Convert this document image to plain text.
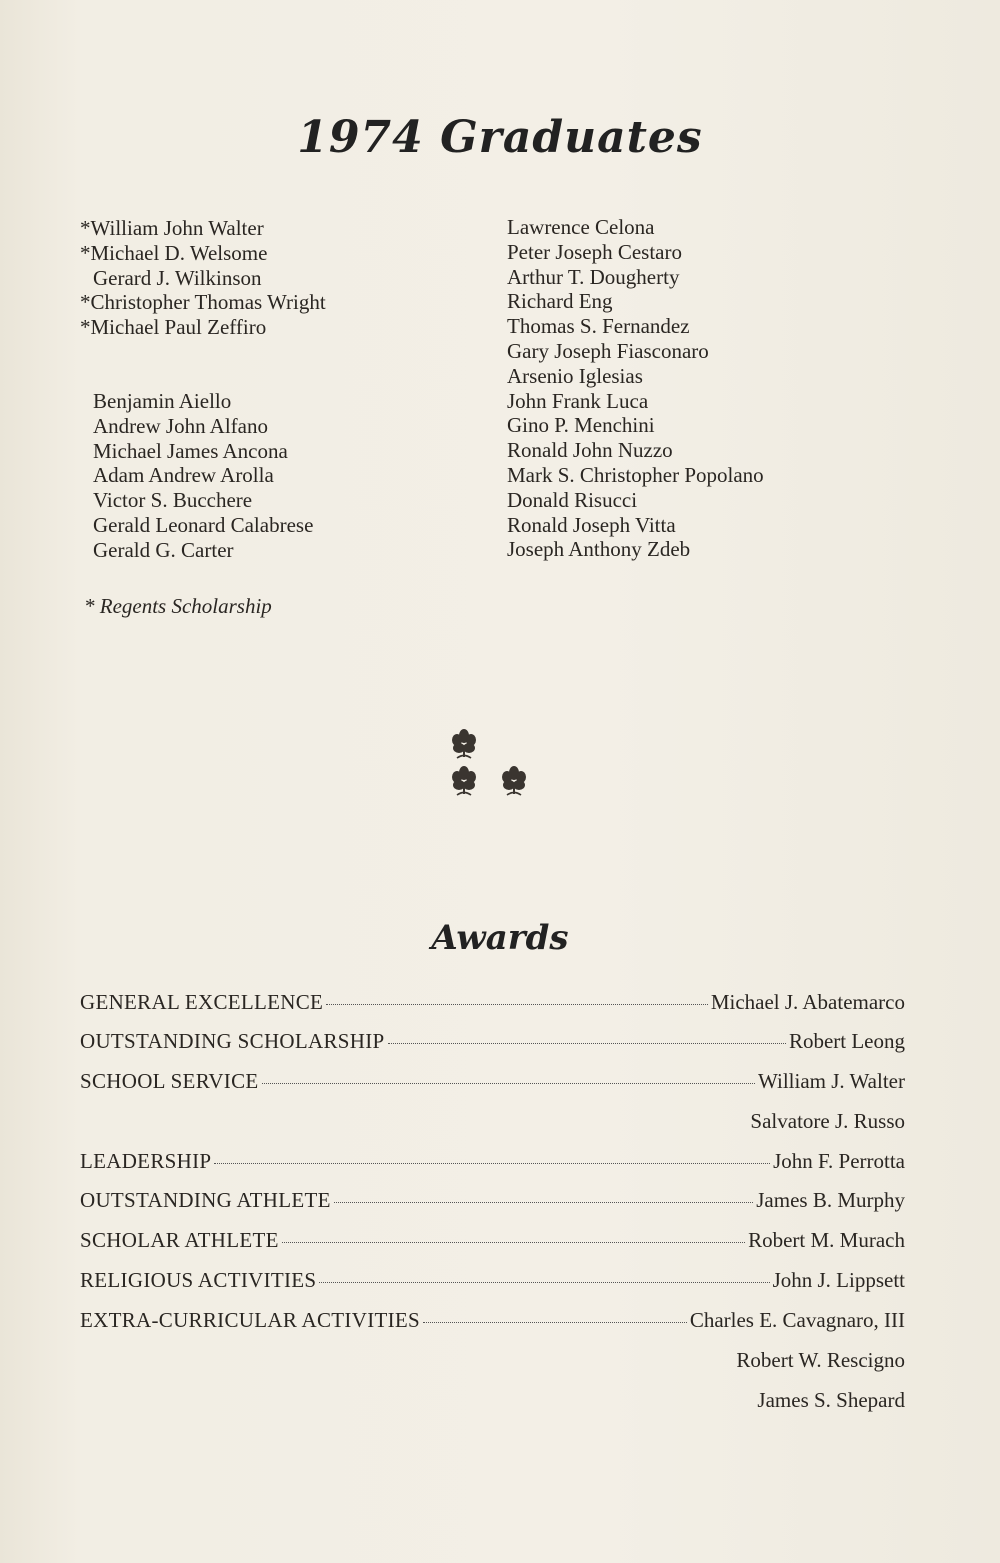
1974 Graduates
*William John Walter
*Michael D. Welsome
Gerard J. Wilkinson
*Christopher Thomas Wright
*Michael Paul Zeffiro
Benjamin Aiello
Andrew John Alfano
Michael James Ancona
Adam Andrew Arolla
Victor S. Bucchere
Gerald Leonard Calabrese
Gerald G. Carter
Lawrence Celona
Peter Joseph Cestaro
Arthur T. Dougherty
Richard Eng
Thomas S. Fernandez
Gary Joseph Fiasconaro
Arsenio Iglesias
John Frank Luca
Gino P. Menchini
Ronald John Nuzzo
Mark S. Christopher Popolano
Donald Risucci
Ronald Joseph Vitta
Joseph Anthony Zdeb
* Regents Scholarship
Awards
GENERAL EXCELLENCE	Michael J. Abatemarco
OUTSTANDING SCHOLARSHIP	Robert Leong
SCHOOL SERVICE	William J. Walter
Salvatore J. Russo
LEADERSHIP	John F. Perrotta
OUTSTANDING ATHLETE	James B. Murphy
SCHOLAR ATHLETE	Robert M. Murach
RELIGIOUS ACTIVITIES	John J. Lippsett
EXTRA-CURRICULAR ACTIVITIES	Charles E. Cavagnaro, III
Robert W. Rescigno
James S. Shepard
